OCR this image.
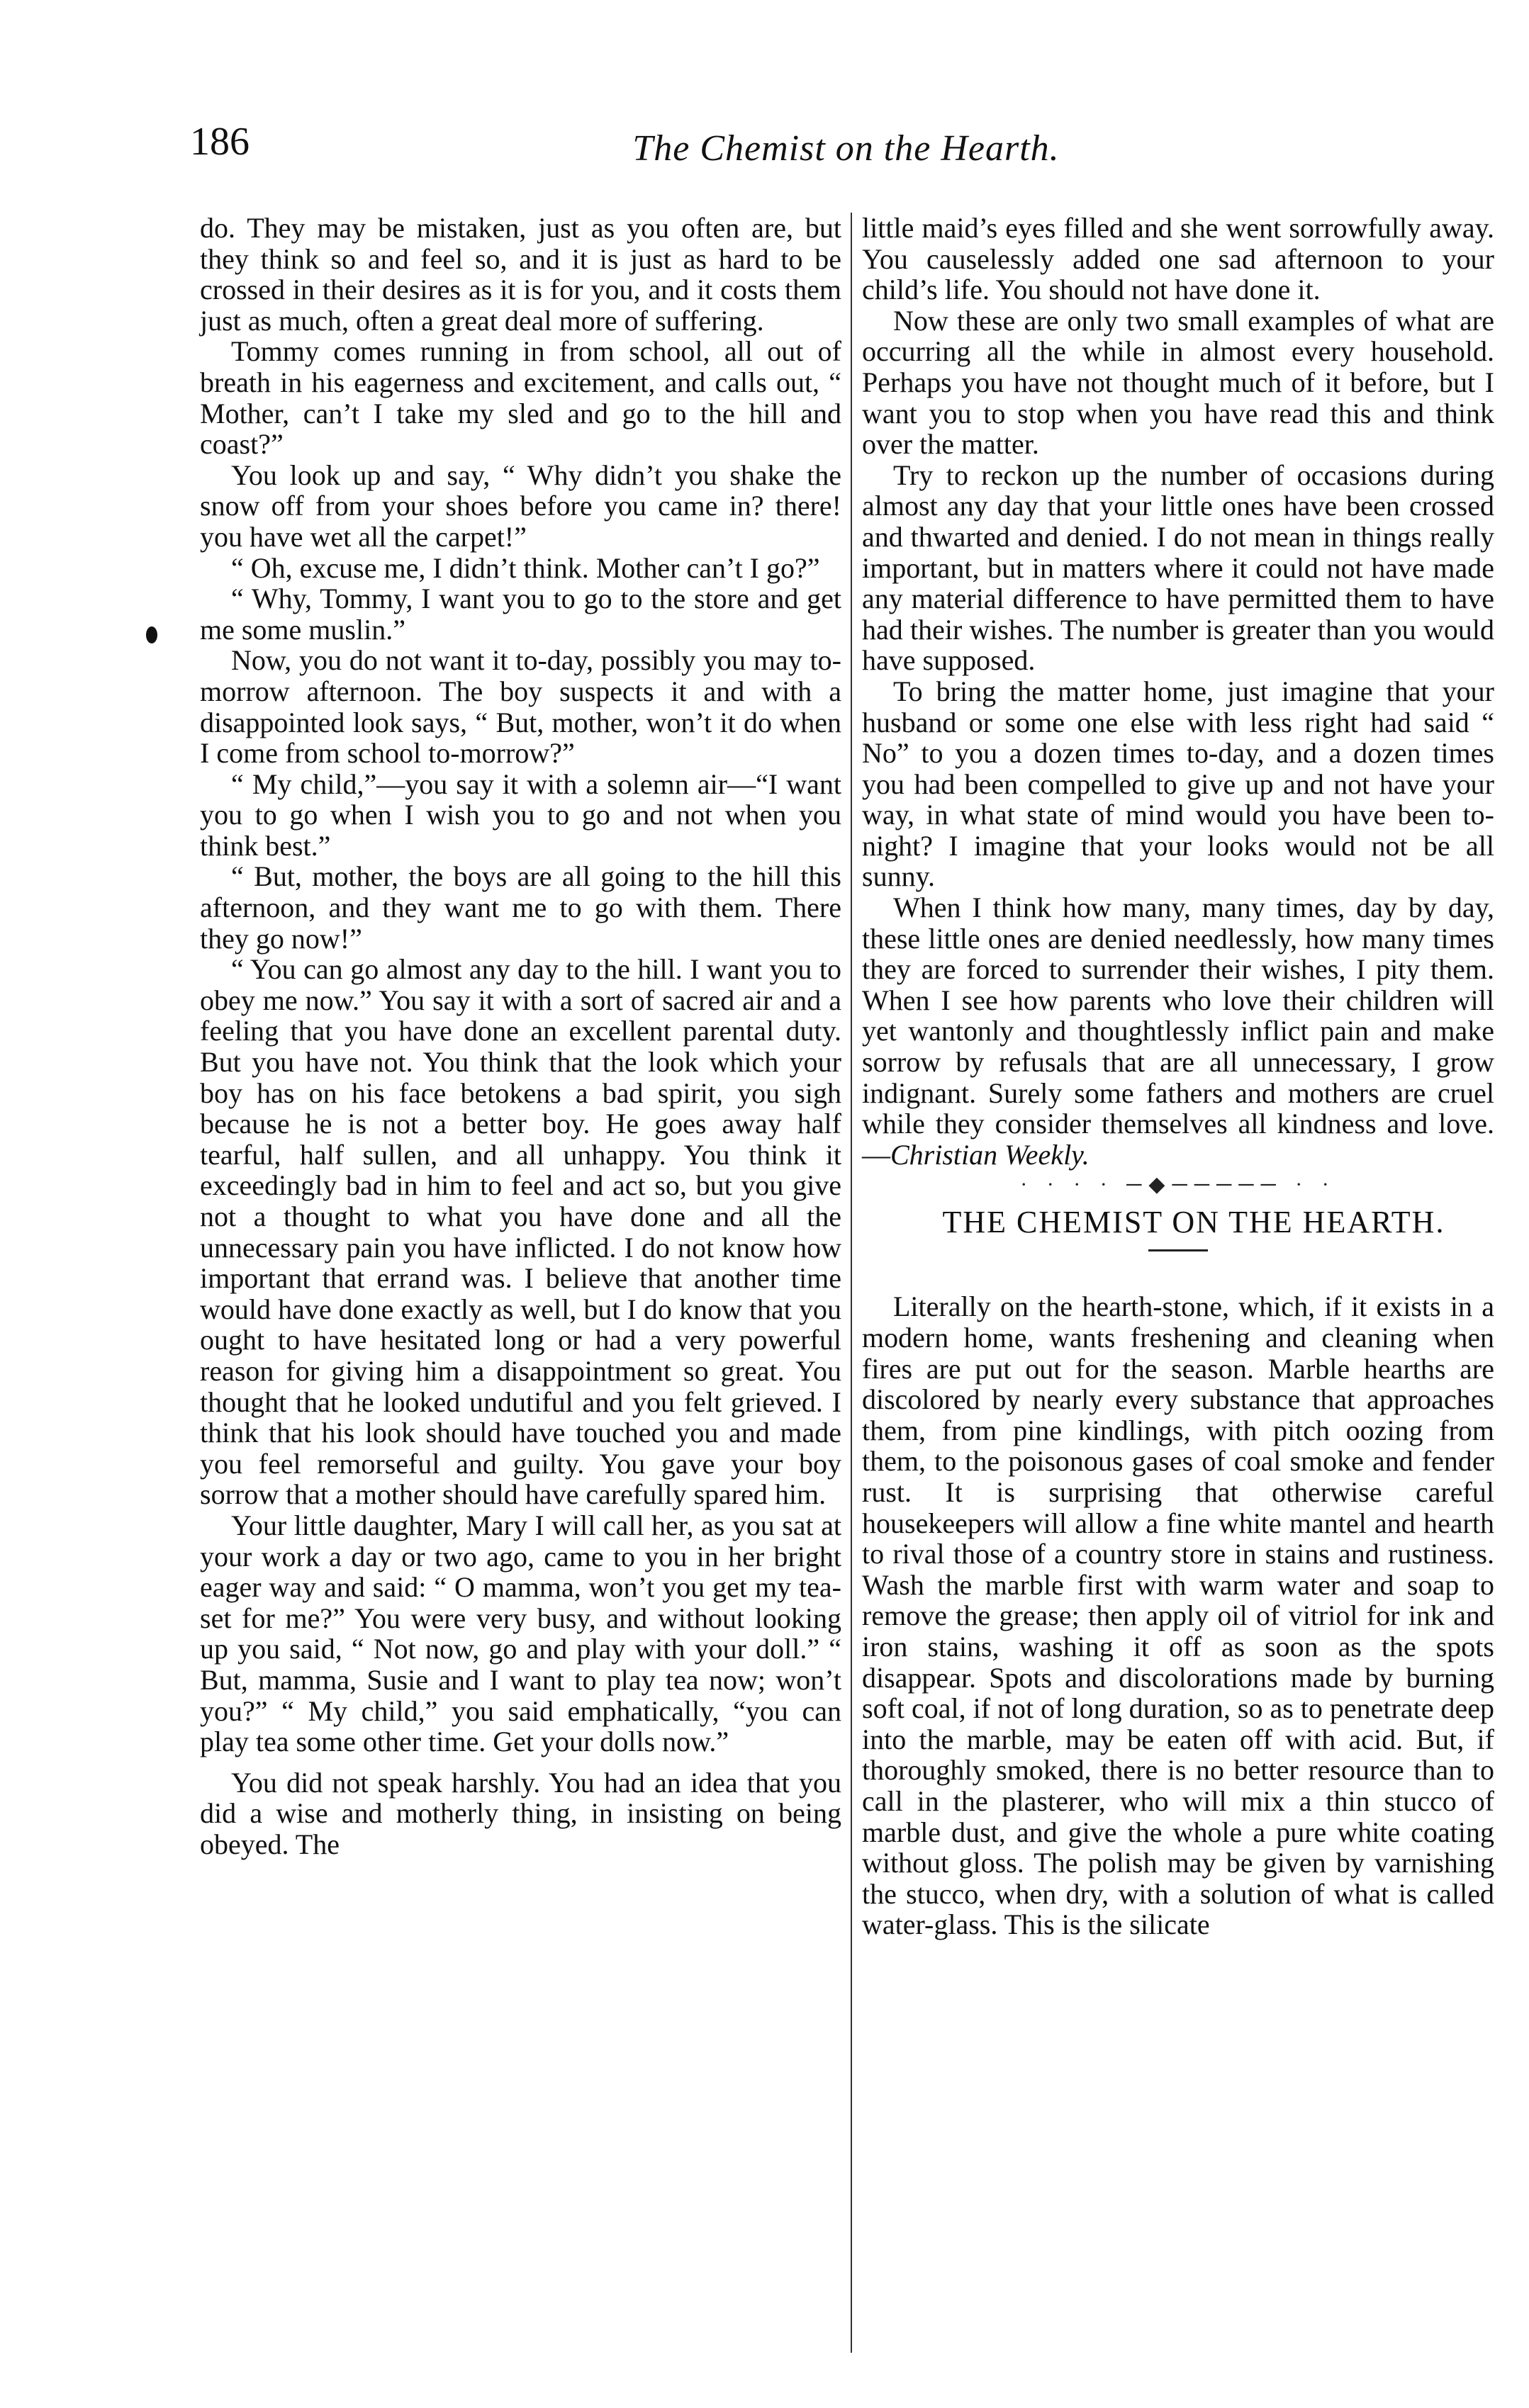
186	The Chemist on the Hearth.

do. They may be mistaken, just as you often are, but they think so and feel so, and it is just as hard to be crossed in their desires as it is for you, and it costs them just as much, often a great deal more of suffering.

Tommy comes running in from school, all out of breath in his eagerness and excitement, and calls out, “ Mother, can’t I take my sled and go to the hill and coast?”

You look up and say, “ Why didn’t you shake the snow off from your shoes before you came in? there! you have wet all the carpet!”

“ Oh, excuse me, I didn’t think. Mother can’t I go?”

“ Why, Tommy, I want you to go to the store and get me some muslin.”

Now, you do not want it to-day, possibly you may to-morrow afternoon. The boy suspects it and with a disappointed look says, “ But, mother, won’t it do when I come from school to-morrow?”

“ My child,”—you say it with a solemn air—“I want you to go when I wish you to go and not when you think best.”

“ But, mother, the boys are all going to the hill this afternoon, and they want me to go with them. There they go now!”

“ You can go almost any day to the hill. I want you to obey me now.” You say it with a sort of sacred air and a feeling that you have done an excellent parental duty. But you have not. You think that the look which your boy has on his face betokens a bad spirit, you sigh because he is not a better boy. He goes away half tearful, half sullen, and all unhappy. You think it exceedingly bad in him to feel and act so, but you give not a thought to what you have done and all the unnecessary pain you have inflicted. I do not know how important that errand was. I believe that another time would have done exactly as well, but I do know that you ought to have hesitated long or had a very powerful reason for giving him a disappointment so great. You thought that he looked undutiful and you felt grieved. I think that his look should have touched you and made you feel remorseful and guilty. You gave your boy sorrow that a mother should have carefully spared him.

Your little daughter, Mary I will call her, as you sat at your work a day or two ago, came to you in her bright eager way and said: “ O mamma, won’t you get my tea-set for me?” You were very busy, and without looking up you said, “ Not now, go and play with your doll.” “ But, mamma, Susie and I want to play tea now; won’t you?” “ My child,” you said emphatically, “you can play tea some other time. Get your dolls now.”

You did not speak harshly. You had an idea that you did a wise and motherly thing, in insisting on being obeyed. The

little maid’s eyes filled and she went sorrowfully away. You causelessly added one sad afternoon to your child’s life. You should not have done it.

Now these are only two small examples of what are occurring all the while in almost every household. Perhaps you have not thought much of it before, but I want you to stop when you have read this and think over the matter.

Try to reckon up the number of occasions during almost any day that your little ones have been crossed and thwarted and denied. I do not mean in things really important, but in matters where it could not have made any material difference to have permitted them to have had their wishes. The number is greater than you would have supposed.

To bring the matter home, just imagine that your husband or some one else with less right had said “ No” to you a dozen times to-day, and a dozen times you had been compelled to give up and not have your way, in what state of mind would you have been to-night? I imagine that your looks would not be all sunny.

When I think how many, many times, day by day, these little ones are denied needlessly, how many times they are forced to surrender their wishes, I pity them. When I see how parents who love their children will yet wantonly and thoughtlessly inflict pain and make sorrow by refusals that are all unnecessary, I grow indignant. Surely some fathers and mothers are cruel while they consider themselves all kindness and love.—Christian Weekly.

· · · · ─◆───── · ·

THE CHEMIST ON THE HEARTH.

Literally on the hearth-stone, which, if it exists in a modern home, wants freshening and cleaning when fires are put out for the season. Marble hearths are discolored by nearly every substance that approaches them, from pine kindlings, with pitch oozing from them, to the poisonous gases of coal smoke and fender rust. It is surprising that otherwise careful housekeepers will allow a fine white mantel and hearth to rival those of a country store in stains and rustiness. Wash the marble first with warm water and soap to remove the grease; then apply oil of vitriol for ink and iron stains, washing it off as soon as the spots disappear. Spots and discolorations made by burning soft coal, if not of long duration, so as to penetrate deep into the marble, may be eaten off with acid. But, if thoroughly smoked, there is no better resource than to call in the plasterer, who will mix a thin stucco of marble dust, and give the whole a pure white coating without gloss. The polish may be given by varnishing the stucco, when dry, with a solution of what is called water-glass. This is the silicate
